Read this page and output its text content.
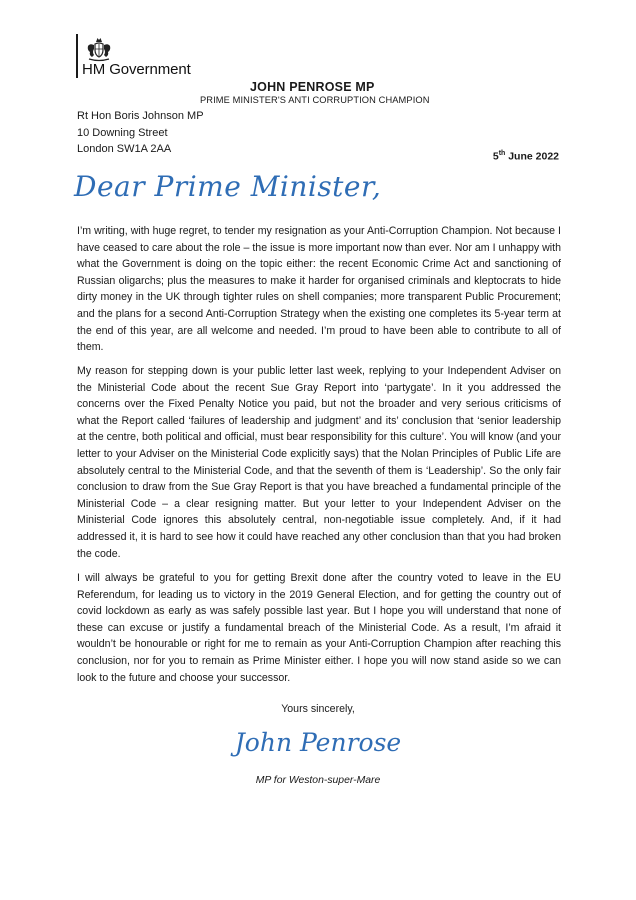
HM Government
JOHN PENROSE MP
PRIME MINISTER'S ANTI CORRUPTION CHAMPION
Rt Hon Boris Johnson MP
10 Downing Street
London SW1A 2AA
5th June 2022
Dear Prime Minister,
I’m writing, with huge regret, to tender my resignation as your Anti-Corruption Champion. Not because I have ceased to care about the role – the issue is more important now than ever. Nor am I unhappy with what the Government is doing on the topic either: the recent Economic Crime Act and sanctioning of Russian oligarchs; plus the measures to make it harder for organised criminals and kleptocrats to hide dirty money in the UK through tighter rules on shell companies; more transparent Public Procurement; and the plans for a second Anti-Corruption Strategy when the existing one completes its 5-year term at the end of this year, are all welcome and needed. I’m proud to have been able to contribute to all of them.
My reason for stepping down is your public letter last week, replying to your Independent Adviser on the Ministerial Code about the recent Sue Gray Report into ‘partygate’. In it you addressed the concerns over the Fixed Penalty Notice you paid, but not the broader and very serious criticisms of what the Report called ‘failures of leadership and judgment’ and its’ conclusion that ‘senior leadership at the centre, both political and official, must bear responsibility for this culture’. You will know (and your letter to your Adviser on the Ministerial Code explicitly says) that the Nolan Principles of Public Life are absolutely central to the Ministerial Code, and that the seventh of them is ‘Leadership’. So the only fair conclusion to draw from the Sue Gray Report is that you have breached a fundamental principle of the Ministerial Code – a clear resigning matter. But your letter to your Independent Adviser on the Ministerial Code ignores this absolutely central, non-negotiable issue completely. And, if it had addressed it, it is hard to see how it could have reached any other conclusion than that you had broken the code.
I will always be grateful to you for getting Brexit done after the country voted to leave in the EU Referendum, for leading us to victory in the 2019 General Election, and for getting the country out of covid lockdown as early as was safely possible last year. But I hope you will understand that none of these can excuse or justify a fundamental breach of the Ministerial Code. As a result, I’m afraid it wouldn’t be honourable or right for me to remain as your Anti-Corruption Champion after reaching this conclusion, nor for you to remain as Prime Minister either. I hope you will now stand aside so we can look to the future and choose your successor.
Yours sincerely,
John Penrose
MP for Weston-super-Mare
